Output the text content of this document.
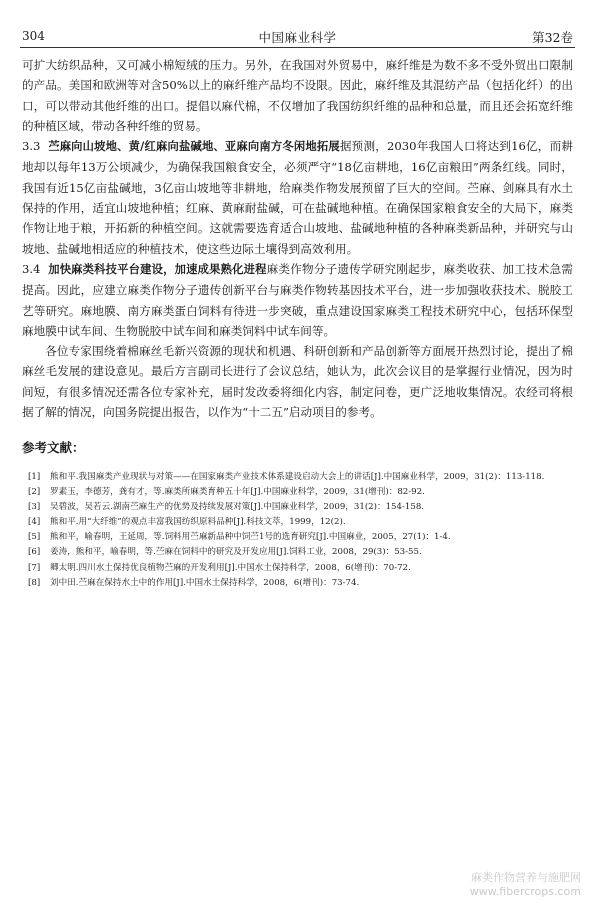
304	中国麻业科学	第32卷

可扩大纺织品种，又可减小棉短绒的压力。另外，在我国对外贸易中，麻纤维是为数不多不受外贸出口限制的产品。美国和欧洲等对含50%以上的麻纤维产品均不设限。因此，麻纤维及其混纺产品（包括化纤）的出口，可以带动其他纤维的出口。提倡以麻代棉，不仅增加了我国纺织纤维的品种和总量，而且还会拓宽纤维的种植区域，带动各种纤维的贸易。

3.3 苎麻向山坡地、黄/红麻向盐碱地、亚麻向南方冬闲地拓展据预测，2030年我国人口将达到16亿，而耕地却以每年13万公顷减少，为确保我国粮食安全，必须严守“18亿亩耕地，16亿亩粮田”两条红线。同时，我国有近15亿亩盐碱地，3亿亩山坡地等非耕地，给麻类作物发展预留了巨大的空间。苎麻、剑麻具有水土保持的作用，适宜山坡地种植；红麻、黄麻耐盐碱，可在盐碱地种植。在确保国家粮食安全的大局下，麻类作物让地于粮，开拓新的种植空间。这就需要选育适合山坡地、盐碱地种植的各种麻类新品种，并研究与山坡地、盐碱地相适应的种植技术，使这些边际土壤得到高效利用。

3.4 加快麻类科技平台建设，加速成果熟化进程麻类作物分子遗传学研究刚起步，麻类收获、加工技术急需提高。因此，应建立麻类作物分子遗传创新平台与麻类作物转基因技术平台，进一步加强收获技术、脱胶工艺等研究。麻地膜、南方麻类蛋白饲料有待进一步突破，重点建设国家麻类工程技术研究中心，包括环保型麻地膜中试车间、生物脱胶中试车间和麻类饲料中试车间等。

各位专家围绕着棉麻丝毛新兴资源的现状和机遇、科研创新和产品创新等方面展开热烈讨论，提出了棉麻丝毛发展的建设意见。最后方言副司长进行了会议总结，她认为，此次会议目的是掌握行业情况，因为时间短，有很多情况还需各位专家补充，届时发改委将细化内容，制定问卷，更广泛地收集情况。农经司将根据了解的情况，向国务院提出报告，以作为“十二五”启动项目的参考。

参考文献：
[1] 熊和平.我国麻类产业现状与对策——在国家麻类产业技术体系建设启动大会上的讲话[J].中国麻业科学，2009，31(2)：113-118.
[2] 罗素玉，李德芳，龚有才，等.麻类所麻类育种五十年[J].中国麻业科学，2009，31(增刊)：82-92.
[3] 吴碧波，吴若云.湖南苎麻生产的优势及持续发展对策[J].中国麻业科学，2009，31(2)：154-158.
[4] 熊和平.用“大纤维”的观点丰富我国纺织原料品种[J].科技文萃，1999，12(2).
[5] 熊和平，喻春明，王延周，等.饲料用苎麻新品种中饲苎1号的选育研究[J].中国麻业，2005，27(1)：1-4.
[6] 姜涛，熊和平，喻春明，等.苎麻在饲料中的研究及开发应用[J].饲料工业，2008，29(3)：53-55.
[7] 卿太明.四川水土保持优良植物苎麻的开发利用[J].中国水土保持科学，2008，6(增刊)：70-72.
[8] 刘中田.苎麻在保持水土中的作用[J].中国水土保持科学，2008，6(增刊)：73-74.
麻类作物营养与施肥网
www.fibercrops.com
